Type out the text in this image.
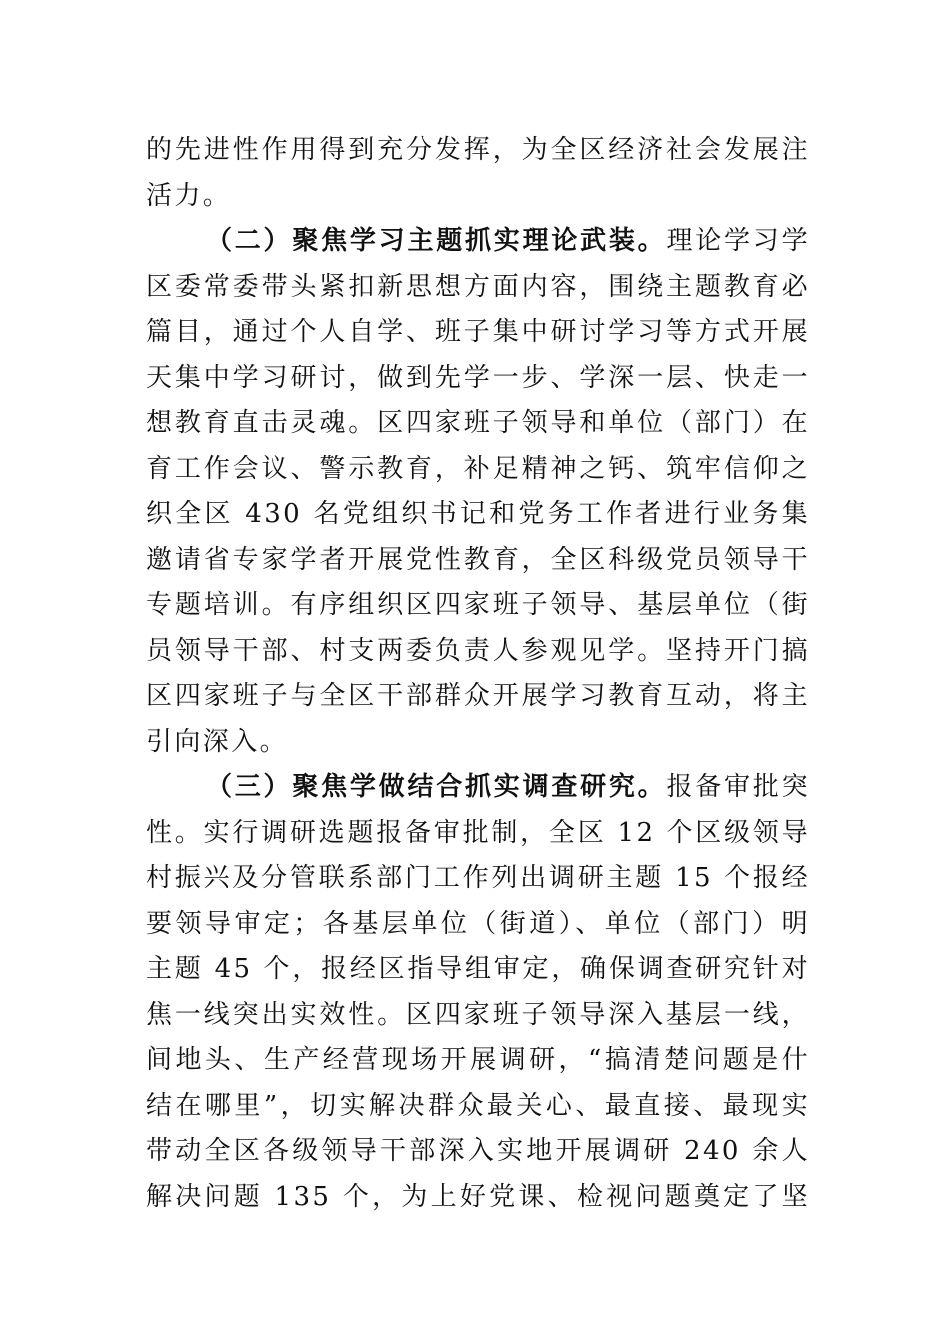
的先进性作用得到充分发挥，为全区经济社会发展注
活力。
（二）聚焦学习主题抓实理论武装。理论学习学
区委常委带头紧扣新思想方面内容，围绕主题教育必
篇目，通过个人自学、班子集中研讨学习等方式开展
天集中学习研讨，做到先学一步、学深一层、快走一
想教育直击灵魂。区四家班子领导和单位（部门）在
育工作会议、警示教育，补足精神之钙、筑牢信仰之
织全区 430 名党组织书记和党务工作者进行业务集
邀请省专家学者开展党性教育，全区科级党员领导干
专题培训。有序组织区四家班子领导、基层单位（街
员领导干部、村支两委负责人参观见学。坚持开门搞
区四家班子与全区干部群众开展学习教育互动，将主
引向深入。
（三）聚焦学做结合抓实调查研究。报备审批突
性。实行调研选题报备审批制，全区 12 个区级领导
村振兴及分管联系部门工作列出调研主题 15 个报经
要领导审定；各基层单位（街道）、单位（部门）明
主题 45 个，报经区指导组审定，确保调查研究针对
焦一线突出实效性。区四家班子领导深入基层一线，
间地头、生产经营现场开展调研，“搞清楚问题是什
结在哪里”，切实解决群众最关心、最直接、最现实
带动全区各级领导干部深入实地开展调研 240 余人
解决问题 135 个，为上好党课、检视问题奠定了坚
